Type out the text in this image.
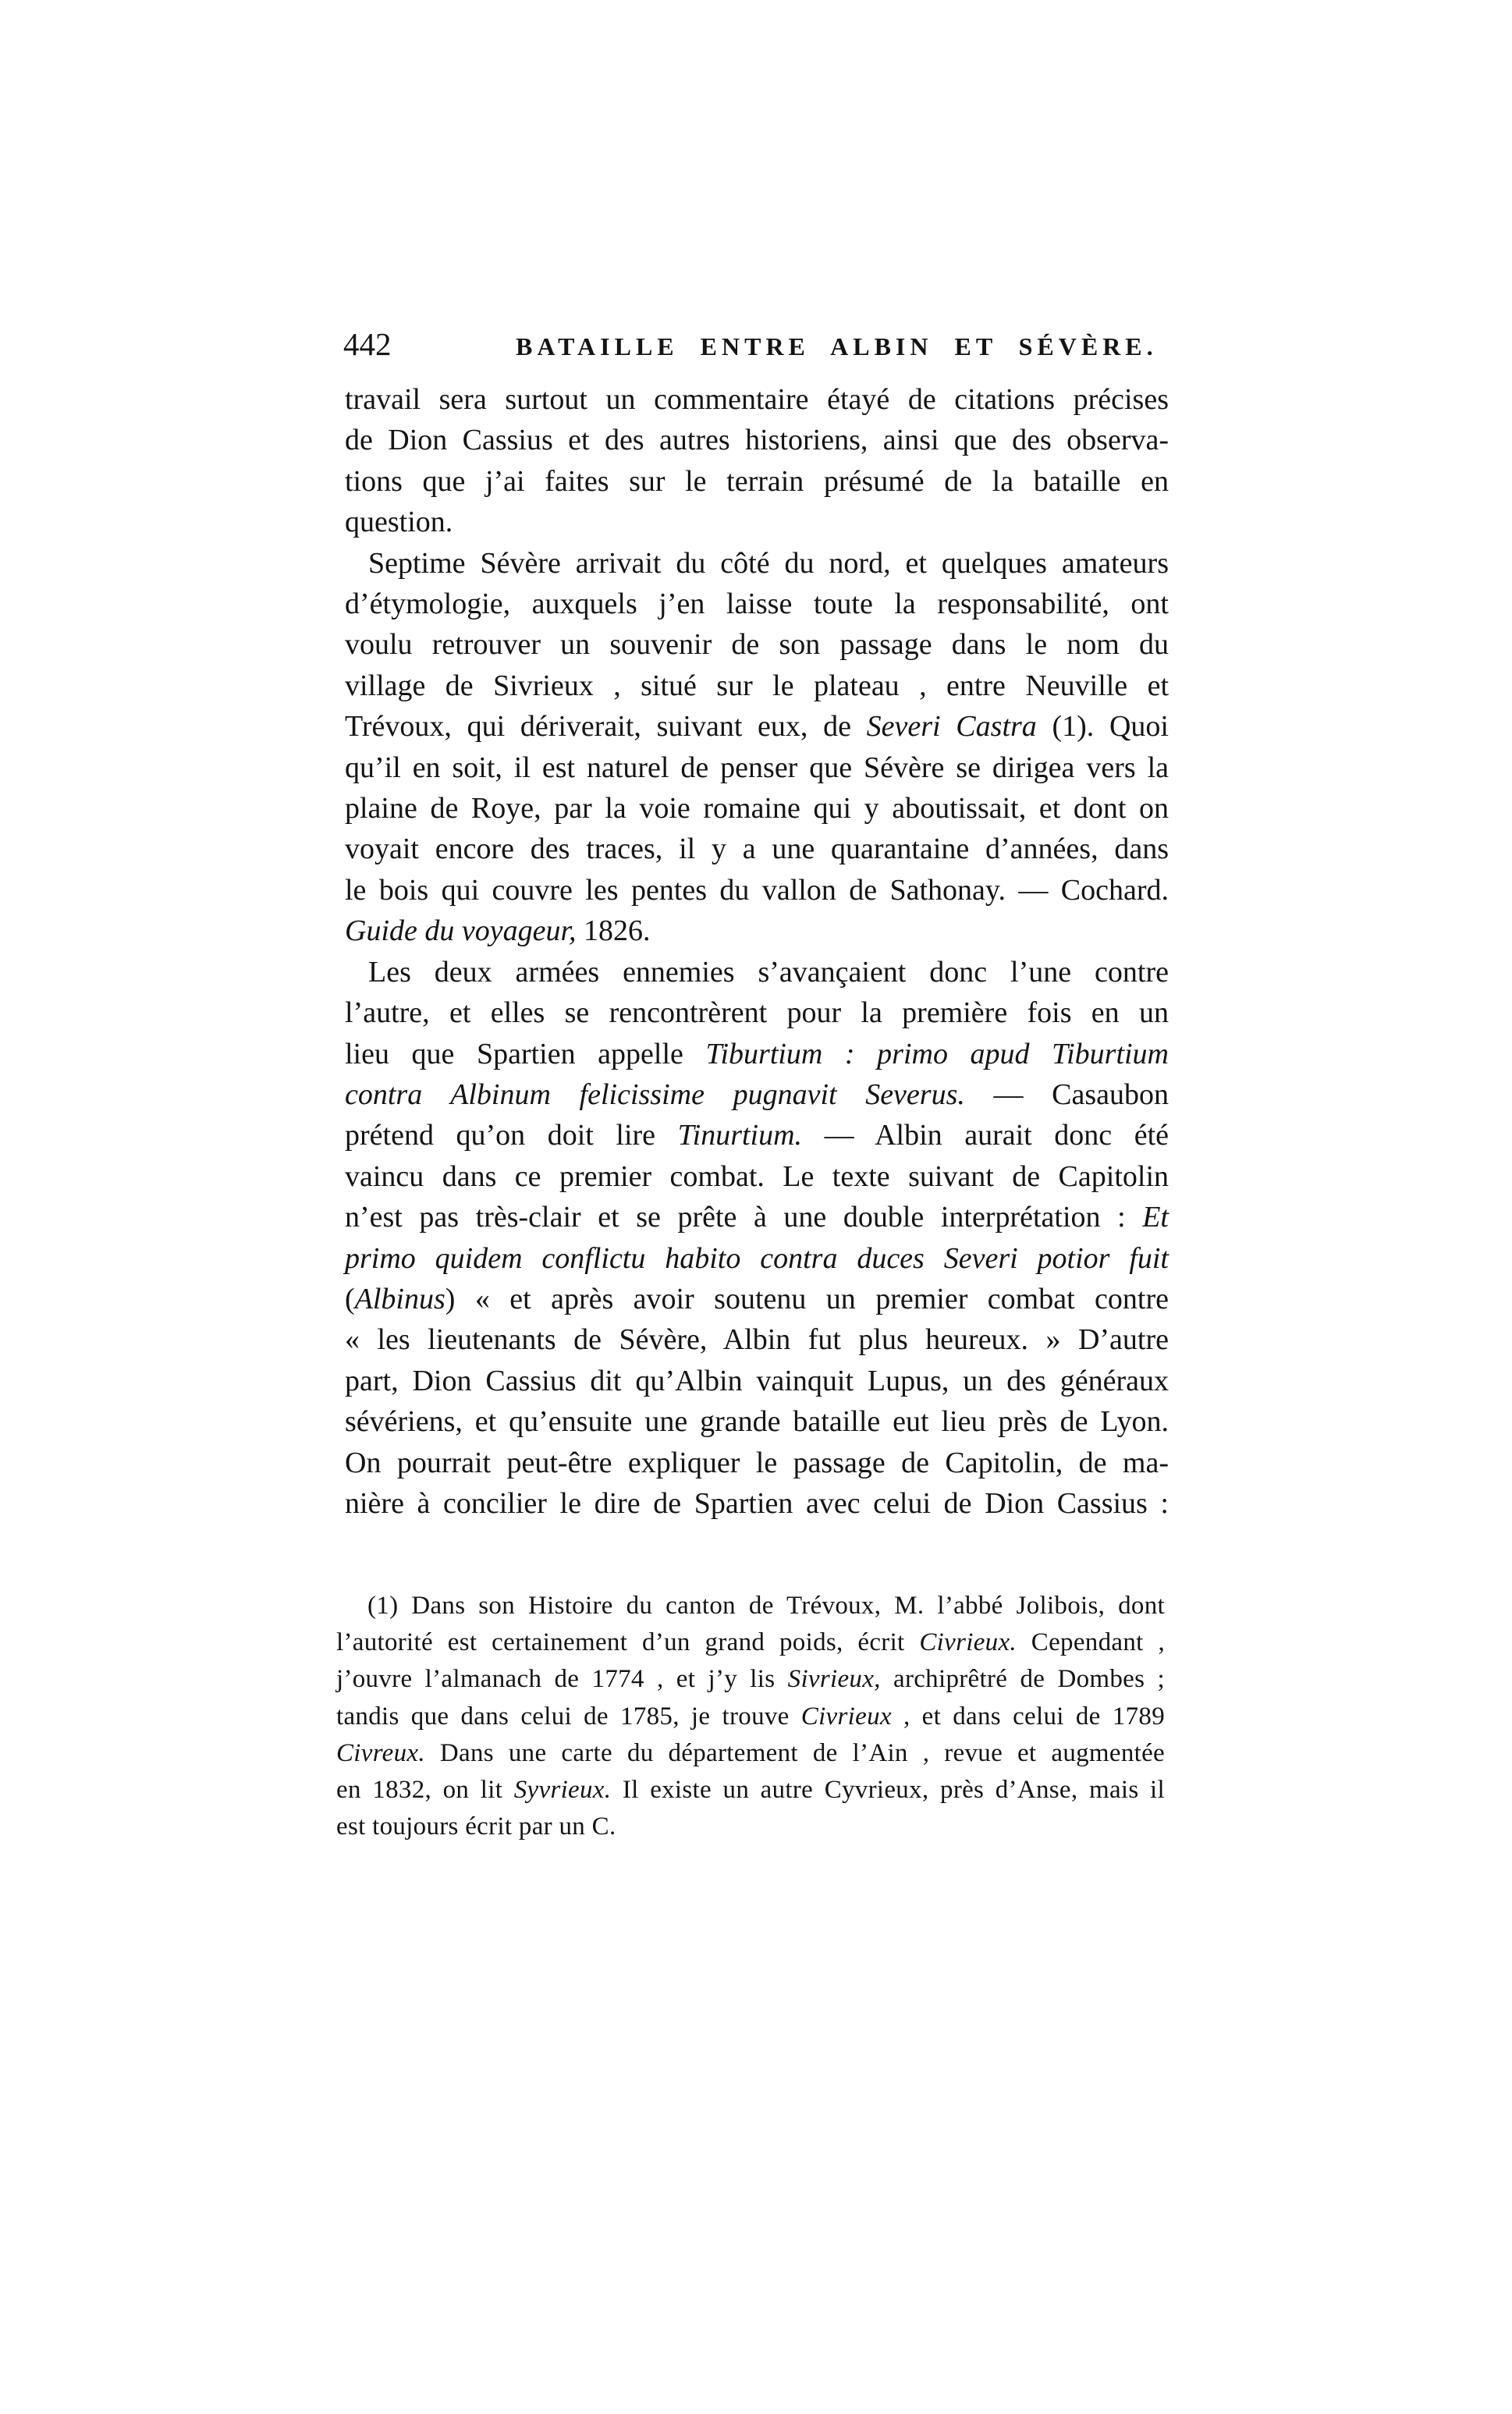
442	BATAILLE ENTRE ALBIN ET SÉVÈRE.
travail sera surtout un commentaire étayé de citations précises
de Dion Cassius et des autres historiens, ainsi que des observa-
tions que j’ai faites sur le terrain présumé de la bataille en
question.
Septime Sévère arrivait du côté du nord, et quelques amateurs
d’étymologie, auxquels j’en laisse toute la responsabilité, ont
voulu retrouver un souvenir de son passage dans le nom du
village de Sivrieux , situé sur le plateau , entre Neuville et
Trévoux, qui dériverait, suivant eux, de Severi Castra (1). Quoi
qu’il en soit, il est naturel de penser que Sévère se dirigea vers la
plaine de Roye, par la voie romaine qui y aboutissait, et dont on
voyait encore des traces, il y a une quarantaine d’années, dans
le bois qui couvre les pentes du vallon de Sathonay. — Cochard.
Guide du voyageur, 1826.
Les deux armées ennemies s’avançaient donc l’une contre
l’autre, et elles se rencontrèrent pour la première fois en un
lieu que Spartien appelle Tiburtium : primo apud Tiburtium
contra Albinum felicissime pugnavit Severus. — Casaubon
prétend qu’on doit lire Tinurtium. — Albin aurait donc été
vaincu dans ce premier combat. Le texte suivant de Capitolin
n’est pas très-clair et se prête à une double interprétation : Et
primo quidem conflictu habito contra duces Severi potior fuit
(Albinus) « et après avoir soutenu un premier combat contre
« les lieutenants de Sévère, Albin fut plus heureux. » D’autre
part, Dion Cassius dit qu’Albin vainquit Lupus, un des généraux
sévériens, et qu’ensuite une grande bataille eut lieu près de Lyon.
On pourrait peut-être expliquer le passage de Capitolin, de ma-
nière à concilier le dire de Spartien avec celui de Dion Cassius :
(1) Dans son Histoire du canton de Trévoux, M. l’abbé Jolibois, dont
l’autorité est certainement d’un grand poids, écrit Civrieux. Cependant ,
j’ouvre l’almanach de 1774 , et j’y lis Sivrieux, archiprêtré de Dombes ;
tandis que dans celui de 1785, je trouve Civrieux , et dans celui de 1789
Civreux. Dans une carte du département de l’Ain , revue et augmentée
en 1832, on lit Syvrieux. Il existe un autre Cyvrieux, près d’Anse, mais il
est toujours écrit par un C.
